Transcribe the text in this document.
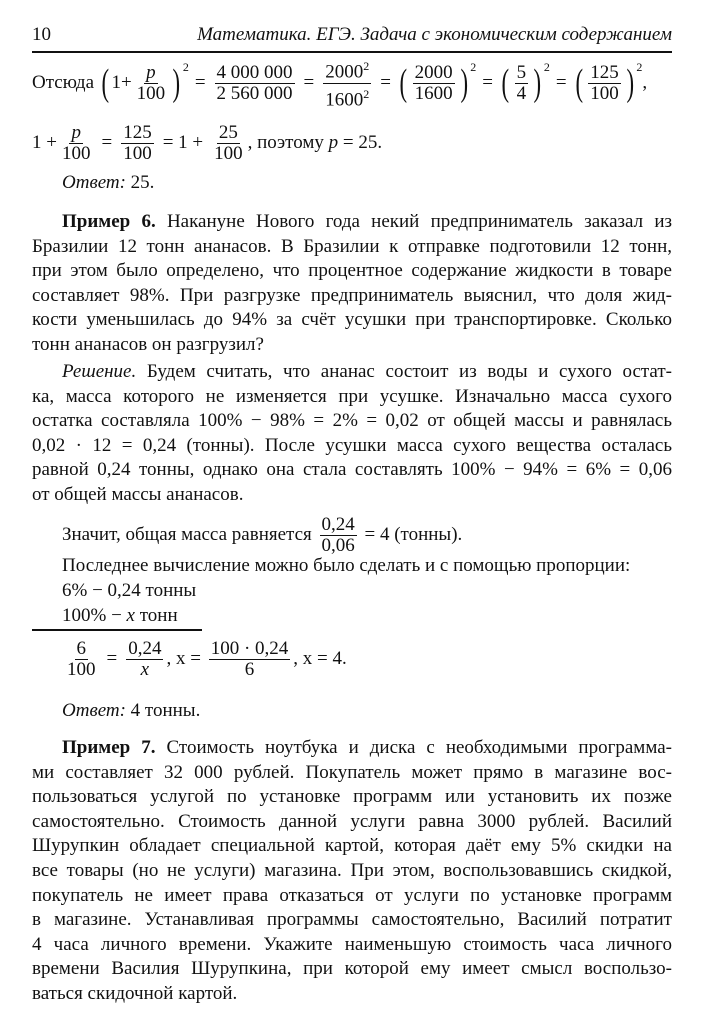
10	Математика. ЕГЭ. Задача с экономическим содержанием
Отсюда
( $1+ \frac{p}{100} )^2$
= $\frac{4 000 000}{2 560 000} = \frac{2000^2}{1600^2}$ = ( 2000
1600 )$^2$
= ( 5
4 )$^2$
= ( 125
100 )$^2$
,
$1 + \frac{p}{100} = \frac{125}{100} = 1 + \frac{25}{100}$ , поэтому
p
= 25.
Ответ: 25.
Пример 6. Накануне Нового года некий предприниматель заказал из
Бразилии 12 тонн ананасов. В Бразилии к отправке подготовили 12 тонн,
при этом было определено, что процентное содержание жидкости в товаре
составляет 98%. При разгрузке предприниматель выяснил, что доля жид-
кости уменьшилась до 94% за счёт усушки при транспортировке. Сколько
тонн ананасов он разгрузил?
Решение. Будем считать, что ананас состоит из воды и сухого остат-
ка, масса которого не изменяется при усушке. Изначально масса сухого
остатка составляла 100% − 98% = 2% = 0,02 от общей массы и равнялась
0,02 · 12 = 0,24 (тонны). После усушки масса сухого вещества осталась
равной 0,24 тонны, однако она стала составлять 100% − 94% = 6% = 0,06
от общей массы ананасов.
Значит, общая масса равняется
$\frac{0,24}{0,06}$
= 4 (тонны).
Последнее вычисление можно было сделать и с помощью пропорции:
6% − 0,24 тонны
100% − x тонн
$\frac{6}{100} = \frac{0,24}{x}$ , x =
$\frac{100 \cdot 0,24}{6}$ , x = 4.
Ответ: 4 тонны.
Пример 7. Стоимость ноутбука и диска с необходимыми программа-
ми составляет 32 000 рублей. Покупатель может прямо в магазине вос-
пользоваться услугой по установке программ или установить их позже
самостоятельно. Стоимость данной услуги равна 3000 рублей. Василий
Шурупкин обладает специальной картой, которая даёт ему 5% скидки на
все товары (но не услуги) магазина. При этом, воспользовавшись скидкой,
покупатель не имеет права отказаться от услуги по установке программ
в магазине. Устанавливая программы самостоятельно, Василий потратит
4 часа личного времени. Укажите наименьшую стоимость часа личного
времени Василия Шурупкина, при которой ему имеет смысл воспользо-
ваться скидочной картой.
